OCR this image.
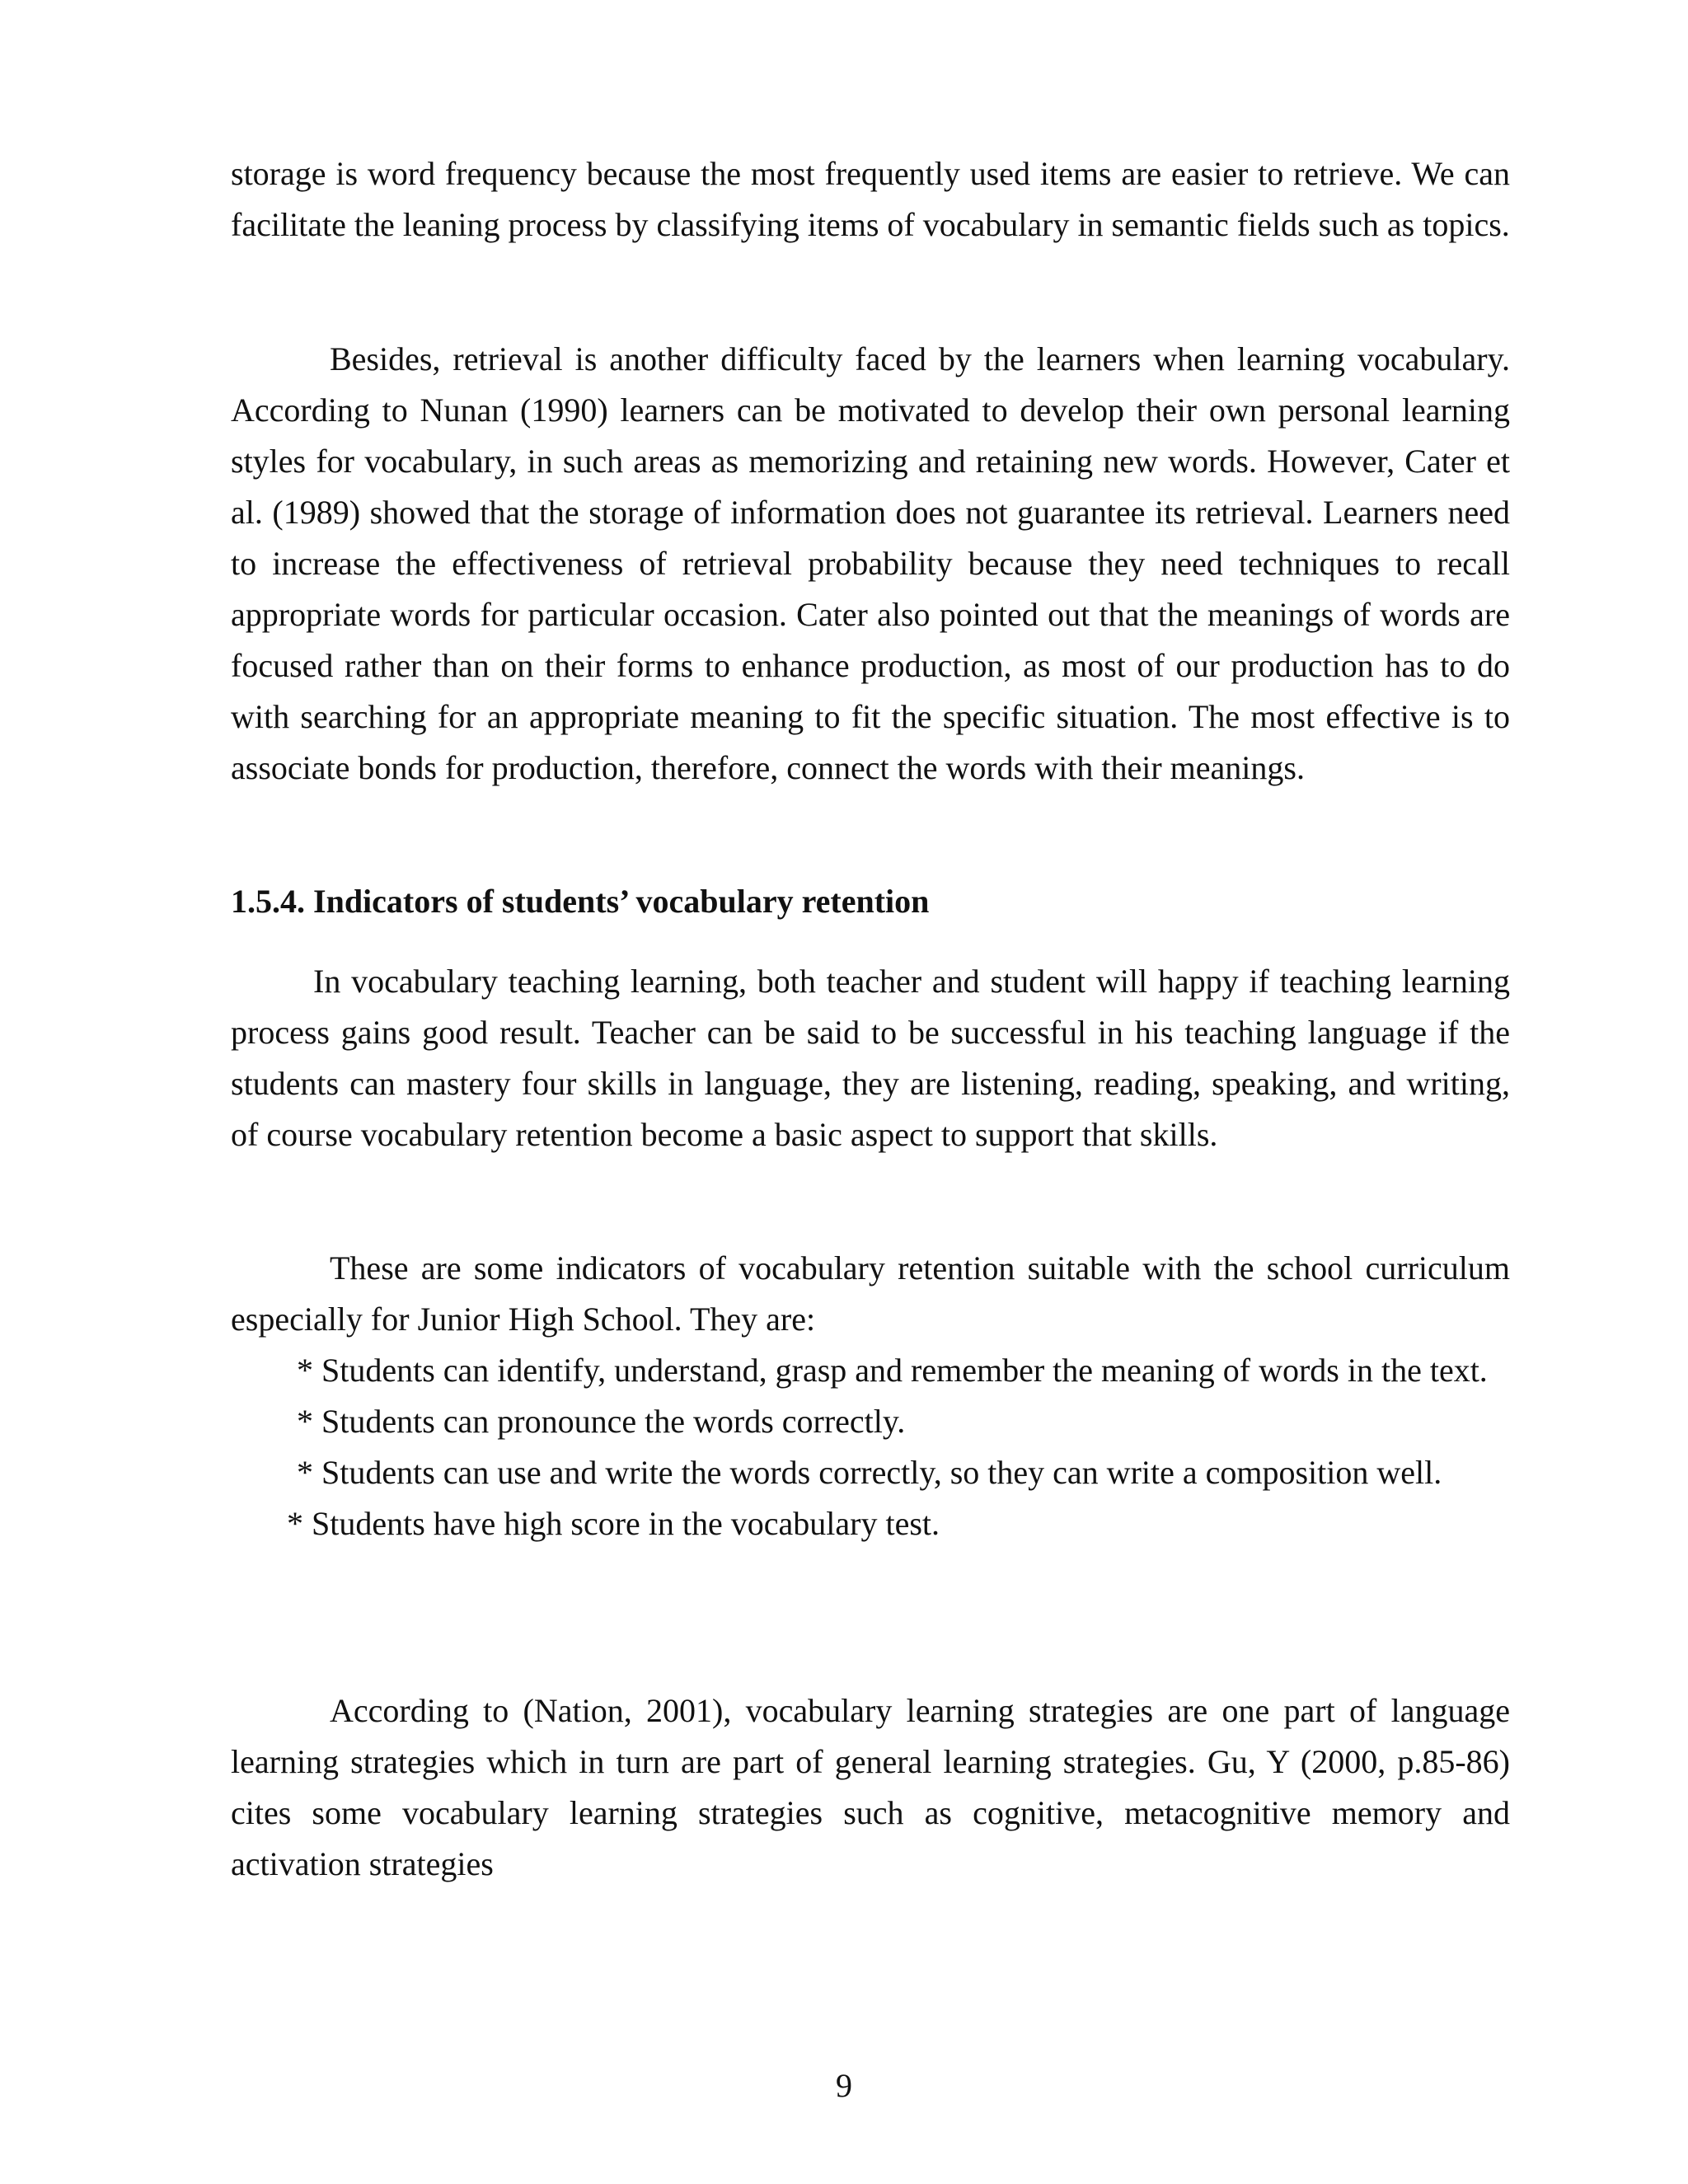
storage is word frequency because the most frequently used items are easier to retrieve. We can facilitate the leaning process by classifying items of vocabulary in semantic fields such as topics.

Besides, retrieval is another difficulty faced by the learners when learning vocabulary. According to Nunan (1990) learners can be motivated to develop their own personal learning styles for vocabulary, in such areas as memorizing and retaining new words. However, Cater et al. (1989) showed that the storage of information does not guarantee its retrieval. Learners need to increase the effectiveness of retrieval probability because they need techniques to recall appropriate words for particular occasion. Cater also pointed out that the meanings of words are focused rather than on their forms to enhance production, as most of our production has to do with searching for an appropriate meaning to fit the specific situation. The most effective is to associate bonds for production, therefore, connect the words with their meanings.

1.5.4. Indicators of students’ vocabulary retention

In vocabulary teaching learning, both teacher and student will happy if teaching learning process gains good result. Teacher can be said to be successful in his teaching language if the students can mastery four skills in language, they are listening, reading, speaking, and writing, of course vocabulary retention become a basic aspect to support that skills.

These are some indicators of vocabulary retention suitable with the school curriculum especially for Junior High School. They are:

* Students can identify, understand, grasp and remember the meaning of words in the text.

* Students can pronounce the words correctly.

* Students can use and write the words correctly, so they can write a composition well.

* Students have high score in the vocabulary test.

According to (Nation, 2001), vocabulary learning strategies are one part of language learning strategies which in turn are part of general learning strategies. Gu, Y (2000, p.85-86) cites some vocabulary learning strategies such as cognitive, metacognitive memory and activation strategies

9
